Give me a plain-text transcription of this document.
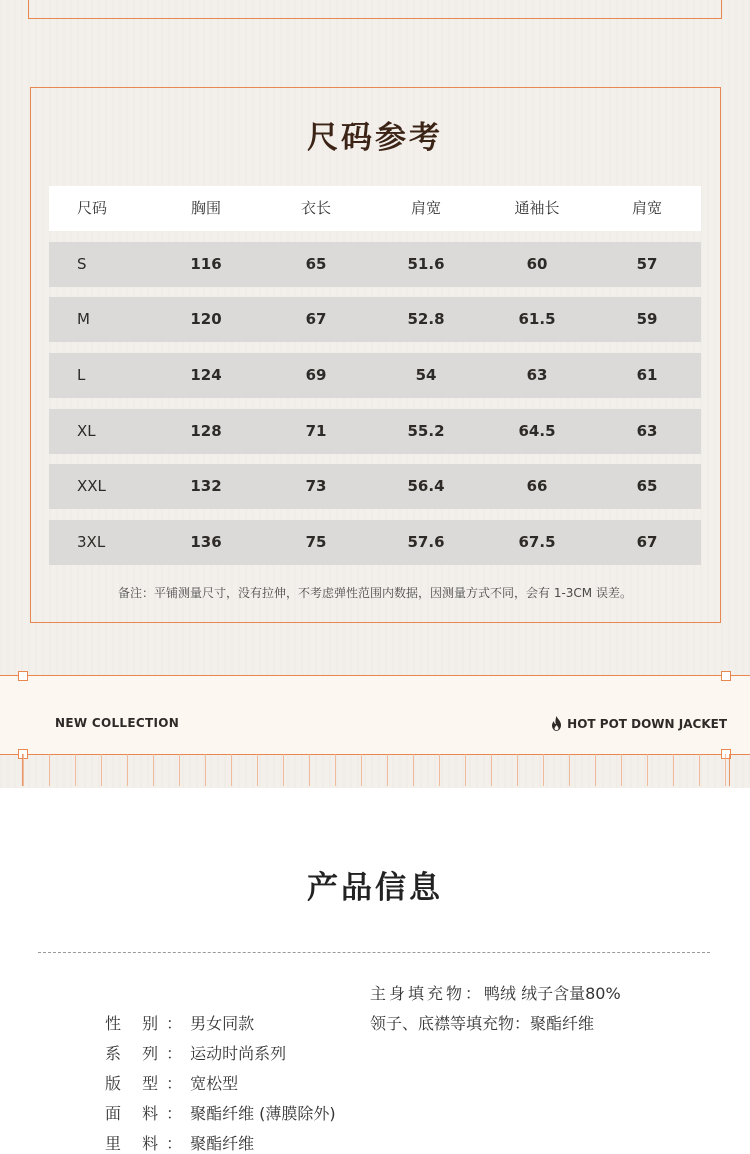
尺码参考
尺码	胸围	衣长	肩宽	通袖长	肩宽
S	116	65	51.6	60	57
M	120	67	52.8	61.5	59
L	124	69	54	63	61
XL	128	71	55.2	64.5	63
XXL	132	73	56.4	66	65
3XL	136	75	57.6	67.5	67
备注：平铺测量尺寸，没有拉伸，不考虑弹性范围内数据，因测量方式不同，会有 1-3CM 误差。
NEW COLLECTION	HOT POT DOWN JACKET
产品信息
主身填充物：鸭绒 绒子含量80%
领子、底襟等填充物：聚酯纤维
性 别：男女同款
系 列：运动时尚系列
版 型：宽松型
面 料：聚酯纤维 (薄膜除外)
里 料：聚酯纤维
